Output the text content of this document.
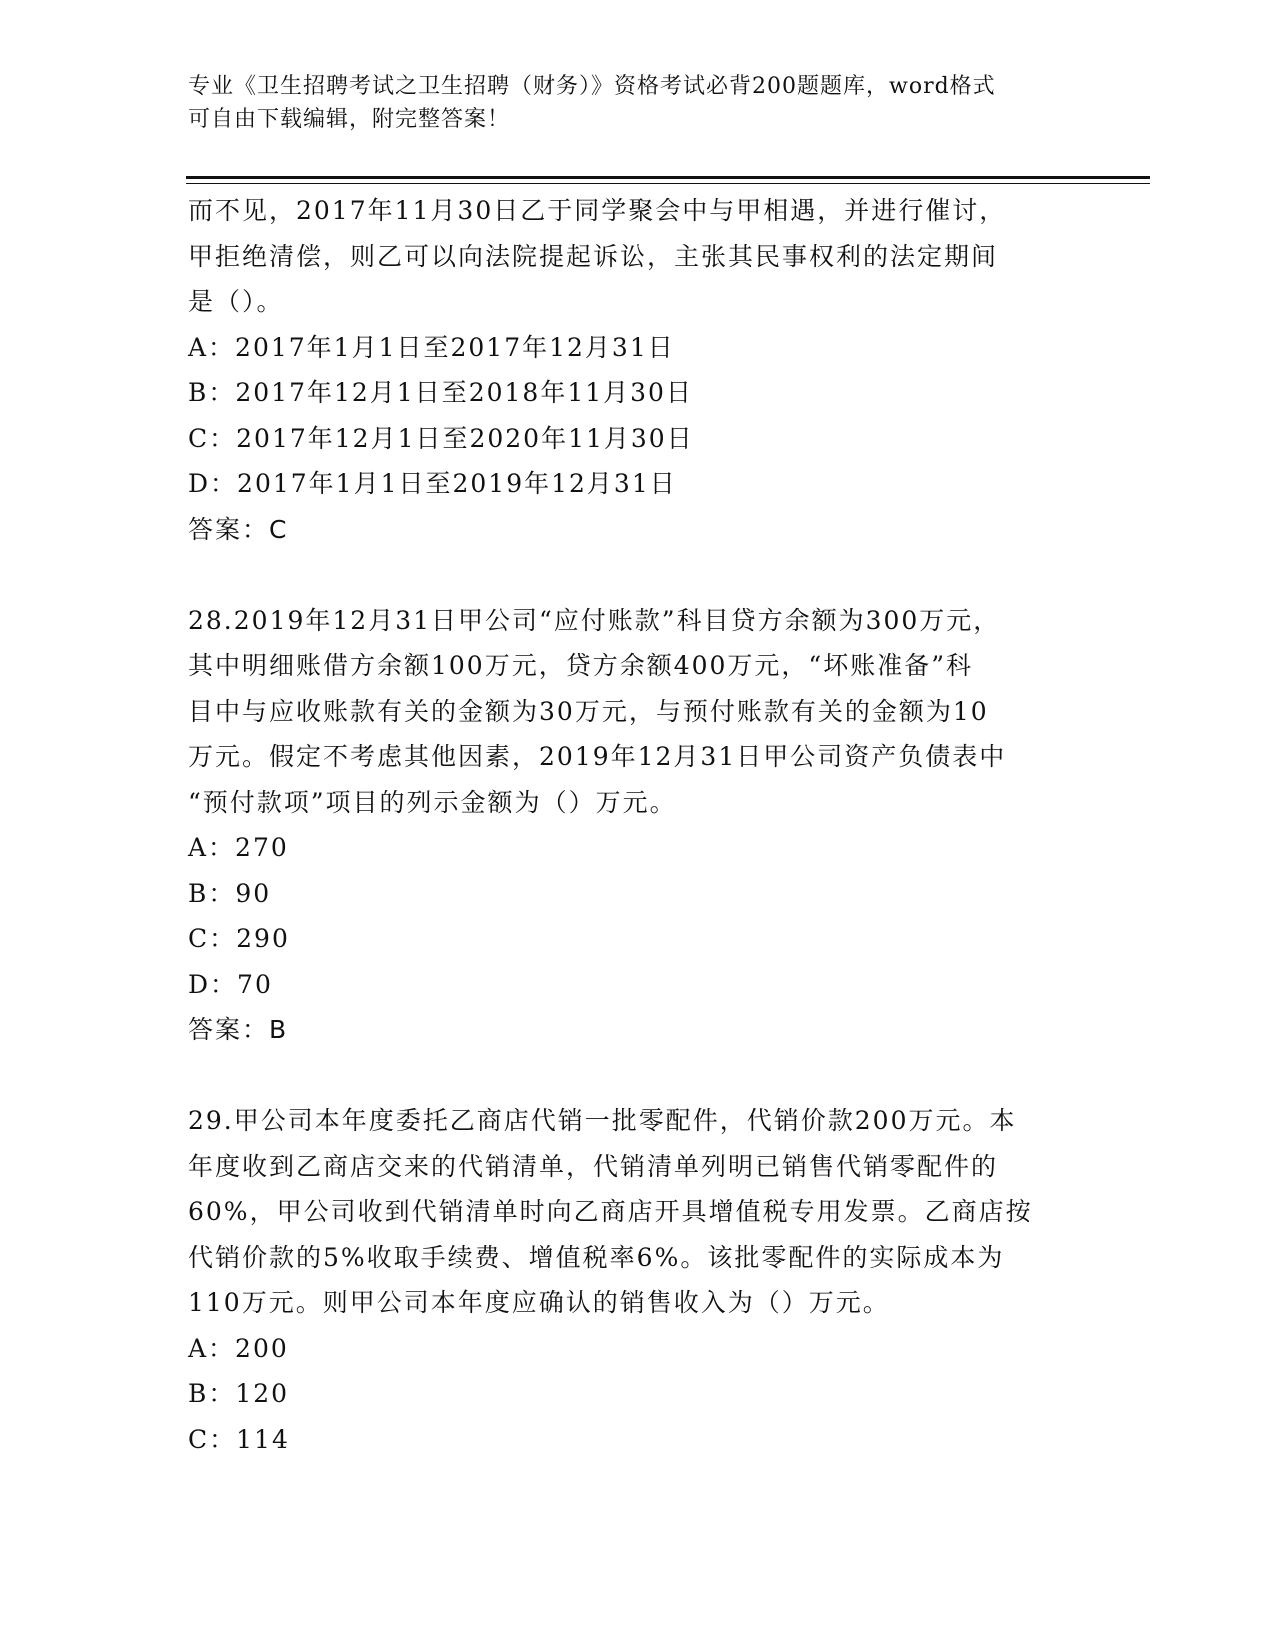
专业《卫生招聘考试之卫生招聘（财务）》资格考试必背200题题库，word格式
可自由下载编辑，附完整答案！
而不见，2017年11月30日乙于同学聚会中与甲相遇，并进行催讨，
甲拒绝清偿，则乙可以向法院提起诉讼，主张其民事权利的法定期间
是（）。
A：2017年1月1日至2017年12月31日
B：2017年12月1日至2018年11月30日
C：2017年12月1日至2020年11月30日
D：2017年1月1日至2019年12月31日
答案：C
28.2019年12月31日甲公司“应付账款”科目贷方余额为300万元，
其中明细账借方余额100万元，贷方余额400万元，“坏账准备”科
目中与应收账款有关的金额为30万元，与预付账款有关的金额为10
万元。假定不考虑其他因素，2019年12月31日甲公司资产负债表中
“预付款项”项目的列示金额为（）万元。
A：270
B：90
C：290
D：70
答案：B
29.甲公司本年度委托乙商店代销一批零配件，代销价款200万元。本
年度收到乙商店交来的代销清单，代销清单列明已销售代销零配件的
60%，甲公司收到代销清单时向乙商店开具增值税专用发票。乙商店按
代销价款的5%收取手续费、增值税率6%。该批零配件的实际成本为
110万元。则甲公司本年度应确认的销售收入为（）万元。
A：200
B：120
C：114
